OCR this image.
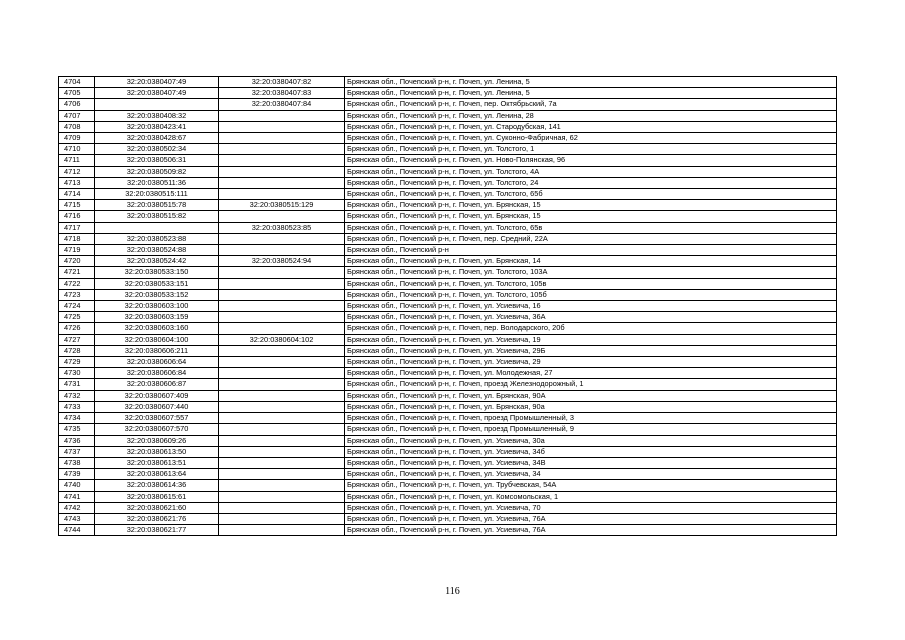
4704	32:20:0380407:49	32:20:0380407:82	Брянская обл., Почепский р-н, г. Почеп, ул. Ленина, 5
4705	32:20:0380407:49	32:20:0380407:83	Брянская обл., Почепский р-н, г. Почеп, ул. Ленина, 5
4706		32:20:0380407:84	Брянская обл., Почепский р-н, г. Почеп, пер. Октябрьский, 7а
4707	32:20:0380408:32		Брянская обл., Почепский р-н, г. Почеп, ул. Ленина, 28
4708	32:20:0380423:41		Брянская обл., Почепский р-н, г. Почеп, ул. Стародубская, 141
4709	32:20:0380428:67		Брянская обл., Почепский р-н, г. Почеп, ул. Суконно-Фабричная, 62
4710	32:20:0380502:34		Брянская обл., Почепский р-н, г. Почеп, ул. Толстого, 1
4711	32:20:0380506:31		Брянская обл., Почепский р-н, г. Почеп, ул. Ново-Полянская, 96
4712	32:20:0380509:82		Брянская обл., Почепский р-н, г. Почеп, ул. Толстого, 4А
4713	32:20:0380511:36		Брянская обл., Почепский р-н, г. Почеп, ул. Толстого, 24
4714	32:20:0380515:111		Брянская обл., Почепский р-н, г. Почеп, ул. Толстого, 65б
4715	32:20:0380515:78	32:20:0380515:129	Брянская обл., Почепский р-н, г. Почеп, ул. Брянская, 15
4716	32:20:0380515:82		Брянская обл., Почепский р-н, г. Почеп, ул. Брянская, 15
4717		32:20:0380523:85	Брянская обл., Почепский р-н, г. Почеп, ул. Толстого, 65в
4718	32:20:0380523:88		Брянская обл., Почепский р-н, г. Почеп, пер. Средний, 22А
4719	32:20:0380524:88		Брянская обл., Почепский р-н
4720	32:20:0380524:42	32:20:0380524:94	Брянская обл., Почепский р-н, г. Почеп, ул. Брянская, 14
4721	32:20:0380533:150		Брянская обл., Почепский р-н, г. Почеп, ул. Толстого, 103А
4722	32:20:0380533:151		Брянская обл., Почепский р-н, г. Почеп, ул. Толстого, 105в
4723	32:20:0380533:152		Брянская обл., Почепский р-н, г. Почеп, ул. Толстого, 105б
4724	32:20:0380603:100		Брянская обл., Почепский р-н, г. Почеп, ул. Усиевича, 16
4725	32:20:0380603:159		Брянская обл., Почепский р-н, г. Почеп, ул. Усиевича, 36А
4726	32:20:0380603:160		Брянская обл., Почепский р-н, г. Почеп, пер. Володарского, 20б
4727	32:20:0380604:100	32:20:0380604:102	Брянская обл., Почепский р-н, г. Почеп, ул. Усиевича, 19
4728	32:20:0380606:211		Брянская обл., Почепский р-н, г. Почеп, ул. Усиевича, 29Б
4729	32:20:0380606:64		Брянская обл., Почепский р-н, г. Почеп, ул. Усиевича, 29
4730	32:20:0380606:84		Брянская обл., Почепский р-н, г. Почеп, ул. Молодежная, 27
4731	32:20:0380606:87		Брянская обл., Почепский р-н, г. Почеп, проезд Железнодорожный, 1
4732	32:20:0380607:409		Брянская обл., Почепский р-н, г. Почеп, ул. Брянская, 90А
4733	32:20:0380607:440		Брянская обл., Почепский р-н, г. Почеп, ул. Брянская, 90а
4734	32:20:0380607:557		Брянская обл., Почепский р-н, г. Почеп, проезд Промышленный, 3
4735	32:20:0380607:570		Брянская обл., Почепский р-н, г. Почеп, проезд Промышленный, 9
4736	32:20:0380609:26		Брянская обл., Почепский р-н, г. Почеп, ул. Усиевича, 30а
4737	32:20:0380613:50		Брянская обл., Почепский р-н, г. Почеп, ул. Усиевича, 34б
4738	32:20:0380613:51		Брянская обл., Почепский р-н, г. Почеп, ул. Усиевича, 34В
4739	32:20:0380613:64		Брянская обл., Почепский р-н, г. Почеп, ул. Усиевича, 34
4740	32:20:0380614:36		Брянская обл., Почепский р-н, г. Почеп, ул. Трубчевская, 54А
4741	32:20:0380615:61		Брянская обл., Почепский р-н, г. Почеп, ул. Комсомольская, 1
4742	32:20:0380621:60		Брянская обл., Почепский р-н, г. Почеп, ул. Усиевича, 70
4743	32:20:0380621:76		Брянская обл., Почепский р-н, г. Почеп, ул. Усиевича, 76А
4744	32:20:0380621:77		Брянская обл., Почепский р-н, г. Почеп, ул. Усиевича, 76А
116
